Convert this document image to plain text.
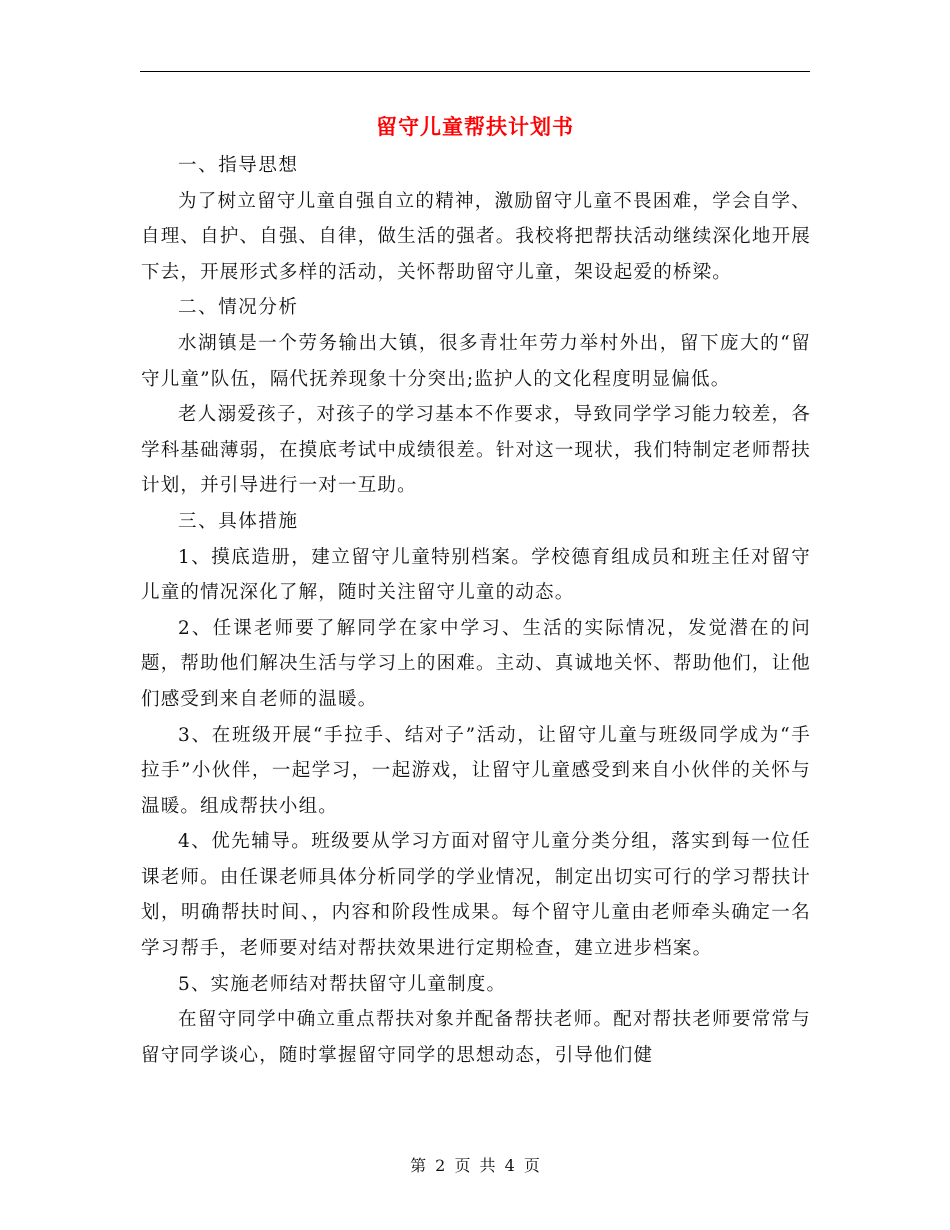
留守儿童帮扶计划书

一、指导思想

为了树立留守儿童自强自立的精神，激励留守儿童不畏困难，学会自学、自理、自护、自强、自律，做生活的强者。我校将把帮扶活动继续深化地开展下去，开展形式多样的活动，关怀帮助留守儿童，架设起爱的桥梁。

二、情况分析

水湖镇是一个劳务输出大镇，很多青壮年劳力举村外出，留下庞大的“留守儿童”队伍，隔代抚养现象十分突出;监护人的文化程度明显偏低。

老人溺爱孩子，对孩子的学习基本不作要求，导致同学学习能力较差，各学科基础薄弱，在摸底考试中成绩很差。针对这一现状，我们特制定老师帮扶计划，并引导进行一对一互助。

三、具体措施

1、摸底造册，建立留守儿童特别档案。学校德育组成员和班主任对留守儿童的情况深化了解，随时关注留守儿童的动态。

2、任课老师要了解同学在家中学习、生活的实际情况，发觉潜在的问题，帮助他们解决生活与学习上的困难。主动、真诚地关怀、帮助他们，让他们感受到来自老师的温暖。

3、在班级开展“手拉手、结对子”活动，让留守儿童与班级同学成为“手拉手”小伙伴，一起学习，一起游戏，让留守儿童感受到来自小伙伴的关怀与温暖。组成帮扶小组。

4、优先辅导。班级要从学习方面对留守儿童分类分组，落实到每一位任课老师。由任课老师具体分析同学的学业情况，制定出切实可行的学习帮扶计划，明确帮扶时间、，内容和阶段性成果。每个留守儿童由老师牵头确定一名学习帮手，老师要对结对帮扶效果进行定期检查，建立进步档案。

5、实施老师结对帮扶留守儿童制度。

在留守同学中确立重点帮扶对象并配备帮扶老师。配对帮扶老师要常常与留守同学谈心，随时掌握留守同学的思想动态，引导他们健

第 2 页 共 4 页
